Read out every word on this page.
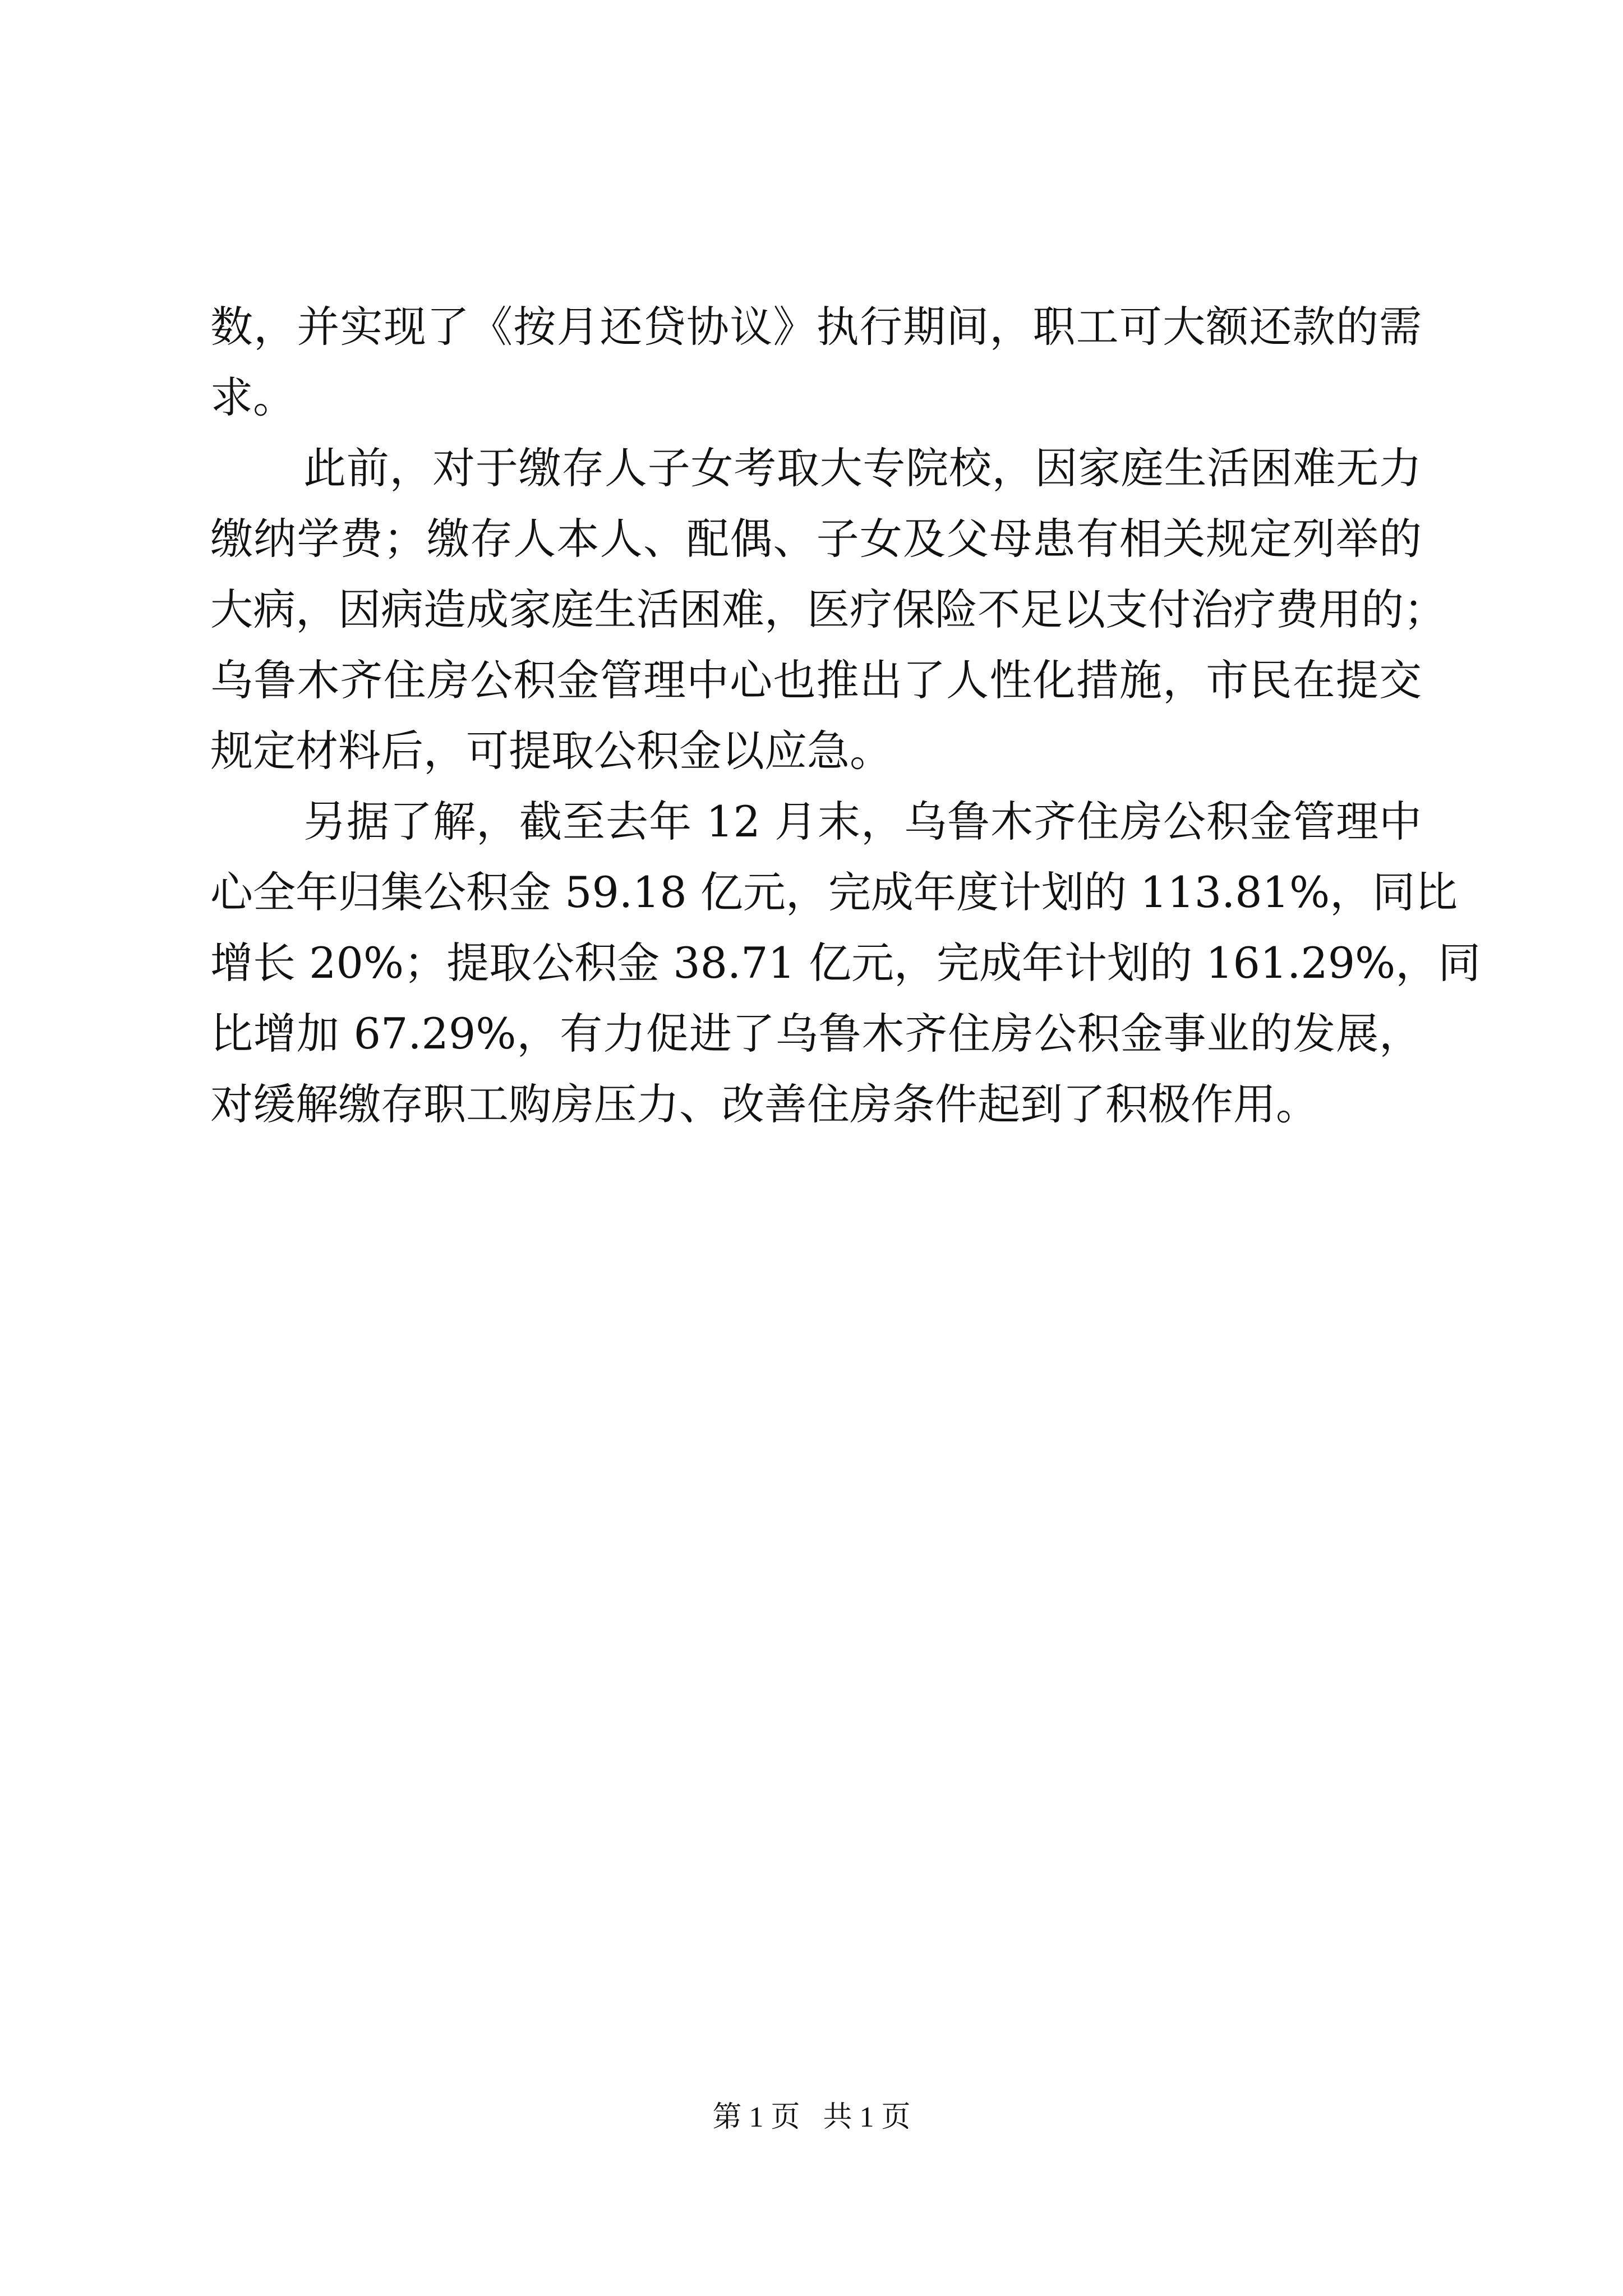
数，并实现了《按月还贷协议》执行期间，职工可大额还款的需
求。
此前，对于缴存人子女考取大专院校，因家庭生活困难无力
缴纳学费；缴存人本人、配偶、子女及父母患有相关规定列举的
大病，因病造成家庭生活困难，医疗保险不足以支付治疗费用的；
乌鲁木齐住房公积金管理中心也推出了人性化措施，市民在提交
规定材料后，可提取公积金以应急。
另据了解，截至去年 12 月末，乌鲁木齐住房公积金管理中
心全年归集公积金 59.18 亿元，完成年度计划的 113.81%，同比
增长 20%；提取公积金 38.71 亿元，完成年计划的 161.29%，同
比增加 67.29%，有力促进了乌鲁木齐住房公积金事业的发展，
对缓解缴存职工购房压力、改善住房条件起到了积极作用。
第 1 页 共 1 页
